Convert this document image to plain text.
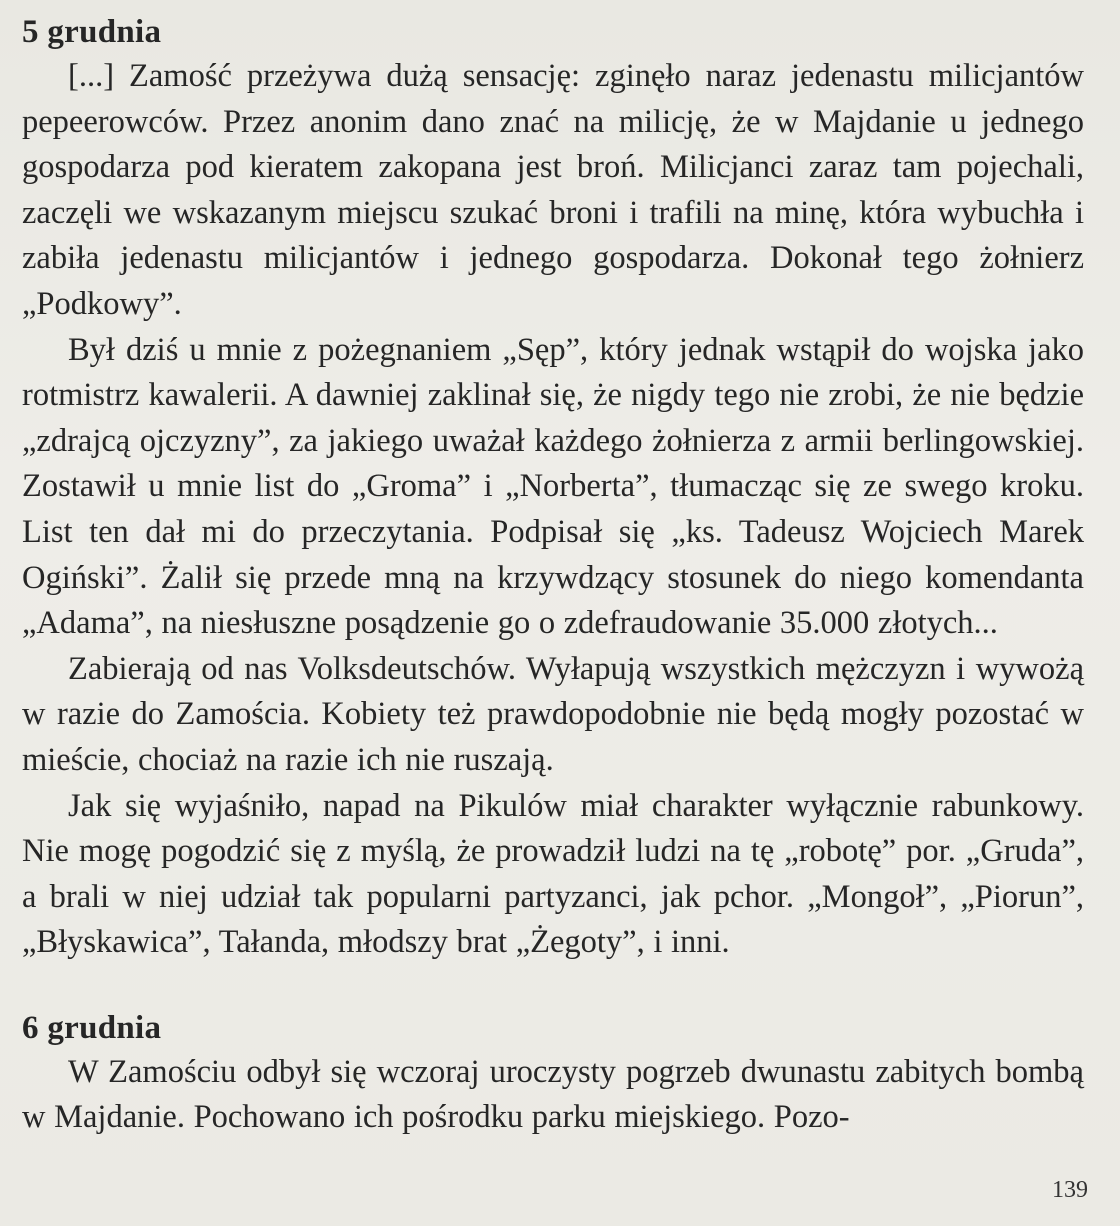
5 grudnia

[...] Zamość przeżywa dużą sensację: zginęło naraz jedenastu milicjantów pepeerowców. Przez anonim dano znać na milicję, że w Majdanie u jednego gospodarza pod kieratem zakopana jest broń. Milicjanci zaraz tam pojechali, zaczęli we wskazanym miejscu szukać broni i trafili na minę, która wybuchła i zabiła jedenastu milicjantów i jednego gospodarza. Dokonał tego żołnierz „Podkowy”.

Był dziś u mnie z pożegnaniem „Sęp”, który jednak wstąpił do wojska jako rotmistrz kawalerii. A dawniej zaklinał się, że nigdy tego nie zrobi, że nie będzie „zdrajcą ojczyzny”, za jakiego uważał każdego żołnierza z armii berlingowskiej. Zostawił u mnie list do „Groma” i „Norberta”, tłumacząc się ze swego kroku. List ten dał mi do przeczytania. Podpisał się „ks. Tadeusz Wojciech Marek Ogiński”. Żalił się przede mną na krzywdzący stosunek do niego komendanta „Adama”, na niesłuszne posądzenie go o zdefraudowanie 35.000 złotych...

Zabierają od nas Volksdeutschów. Wyłapują wszystkich mężczyzn i wywożą w razie do Zamościa. Kobiety też prawdopodobnie nie będą mogły pozostać w mieście, chociaż na razie ich nie ruszają.

Jak się wyjaśniło, napad na Pikulów miał charakter wyłącznie rabunkowy. Nie mogę pogodzić się z myślą, że prowadził ludzi na tę „robotę” por. „Gruda”, a brali w niej udział tak popularni partyzanci, jak pchor. „Mongoł”, „Piorun”, „Błyskawica”, Tałanda, młodszy brat „Żegoty”, i inni.

6 grudnia

W Zamościu odbył się wczoraj uroczysty pogrzeb dwunastu zabitych bombą w Majdanie. Pochowano ich pośrodku parku miejskiego. Pozo-

139
